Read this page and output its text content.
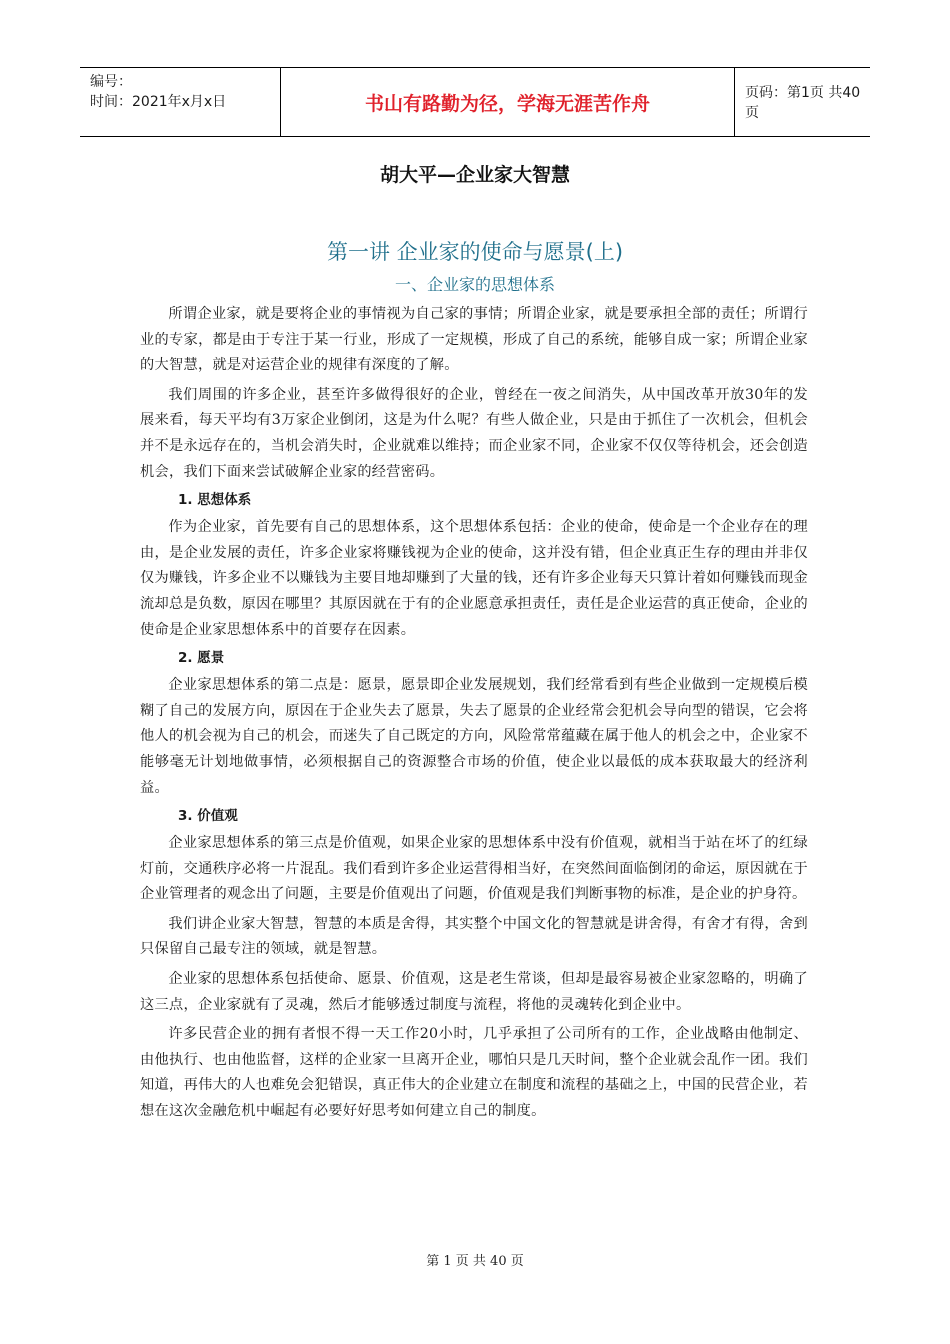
编号：
时间：2021年x月x日	书山有路勤为径，学海无涯苦作舟	页码：第1页 共40页
胡大平—企业家大智慧
第一讲 企业家的使命与愿景(上)
一、企业家的思想体系

所谓企业家，就是要将企业的事情视为自己家的事情；所谓企业家，就是要承担全部的责任；所谓行业的专家，都是由于专注于某一行业，形成了一定规模，形成了自己的系统，能够自成一家；所谓企业家的大智慧，就是对运营企业的规律有深度的了解。

我们周围的许多企业，甚至许多做得很好的企业，曾经在一夜之间消失，从中国改革开放30年的发展来看，每天平均有3万家企业倒闭，这是为什么呢？有些人做企业，只是由于抓住了一次机会，但机会并不是永远存在的，当机会消失时，企业就难以维持；而企业家不同，企业家不仅仅等待机会，还会创造机会，我们下面来尝试破解企业家的经营密码。

1. 思想体系

作为企业家，首先要有自己的思想体系，这个思想体系包括：企业的使命，使命是一个企业存在的理由，是企业发展的责任，许多企业家将赚钱视为企业的使命，这并没有错，但企业真正生存的理由并非仅仅为赚钱，许多企业不以赚钱为主要目地却赚到了大量的钱，还有许多企业每天只算计着如何赚钱而现金流却总是负数，原因在哪里？其原因就在于有的企业愿意承担责任，责任是企业运营的真正使命，企业的使命是企业家思想体系中的首要存在因素。

2. 愿景

企业家思想体系的第二点是：愿景，愿景即企业发展规划，我们经常看到有些企业做到一定规模后模糊了自己的发展方向，原因在于企业失去了愿景，失去了愿景的企业经常会犯机会导向型的错误，它会将他人的机会视为自己的机会，而迷失了自己既定的方向，风险常常蕴藏在属于他人的机会之中，企业家不能够毫无计划地做事情，必须根据自己的资源整合市场的价值，使企业以最低的成本获取最大的经济利益。

3. 价值观

企业家思想体系的第三点是价值观，如果企业家的思想体系中没有价值观，就相当于站在坏了的红绿灯前，交通秩序必将一片混乱。我们看到许多企业运营得相当好，在突然间面临倒闭的命运，原因就在于企业管理者的观念出了问题，主要是价值观出了问题，价值观是我们判断事物的标准，是企业的护身符。

我们讲企业家大智慧，智慧的本质是舍得，其实整个中国文化的智慧就是讲舍得，有舍才有得，舍到只保留自己最专注的领域，就是智慧。

企业家的思想体系包括使命、愿景、价值观，这是老生常谈，但却是最容易被企业家忽略的，明确了这三点，企业家就有了灵魂，然后才能够透过制度与流程，将他的灵魂转化到企业中。

许多民营企业的拥有者恨不得一天工作20小时，几乎承担了公司所有的工作，企业战略由他制定、由他执行、也由他监督，这样的企业家一旦离开企业，哪怕只是几天时间，整个企业就会乱作一团。我们知道，再伟大的人也难免会犯错误，真正伟大的企业建立在制度和流程的基础之上，中国的民营企业，若想在这次金融危机中崛起有必要好好思考如何建立自己的制度。

第 1 页 共 40 页
